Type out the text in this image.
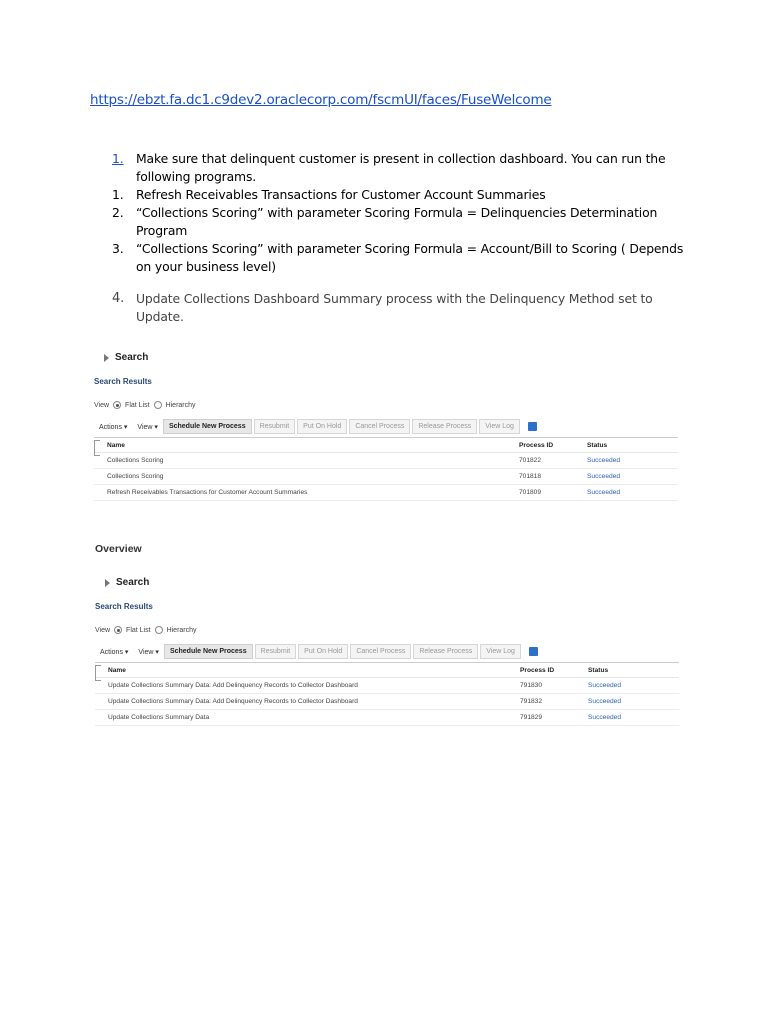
https://ebzt.fa.dc1.c9dev2.oraclecorp.com/fscmUI/faces/FuseWelcome
1.	Make sure that delinquent customer is present in collection dashboard. You can run the following programs.
1.	Refresh Receivables Transactions for Customer Account Summaries
2.	“Collections Scoring” with parameter Scoring Formula = Delinquencies Determination Program
3.	“Collections Scoring” with parameter Scoring Formula = Account/Bill to Scoring ( Depends on your business level)
4. Update Collections Dashboard Summary process with the Delinquency Method set to Update.
Search
Search Results
View Flat List Hierarchy
Actions ▾	View ▾	Schedule New Process	Resubmit	Put On Hold	Cancel Process	Release Process	View Log
Name	Process ID	Status
Collections Scoring	701822	Succeeded
Collections Scoring	701818	Succeeded
Refresh Receivables Transactions for Customer Account Summaries	701809	Succeeded
Overview
Search
Search Results
View Flat List Hierarchy
Actions ▾	View ▾	Schedule New Process	Resubmit	Put On Hold	Cancel Process	Release Process	View Log
Name	Process ID	Status
Update Collections Summary Data: Add Delinquency Records to Collector Dashboard	791830	Succeeded
Update Collections Summary Data: Add Delinquency Records to Collector Dashboard	791832	Succeeded
Update Collections Summary Data	791829	Succeeded
